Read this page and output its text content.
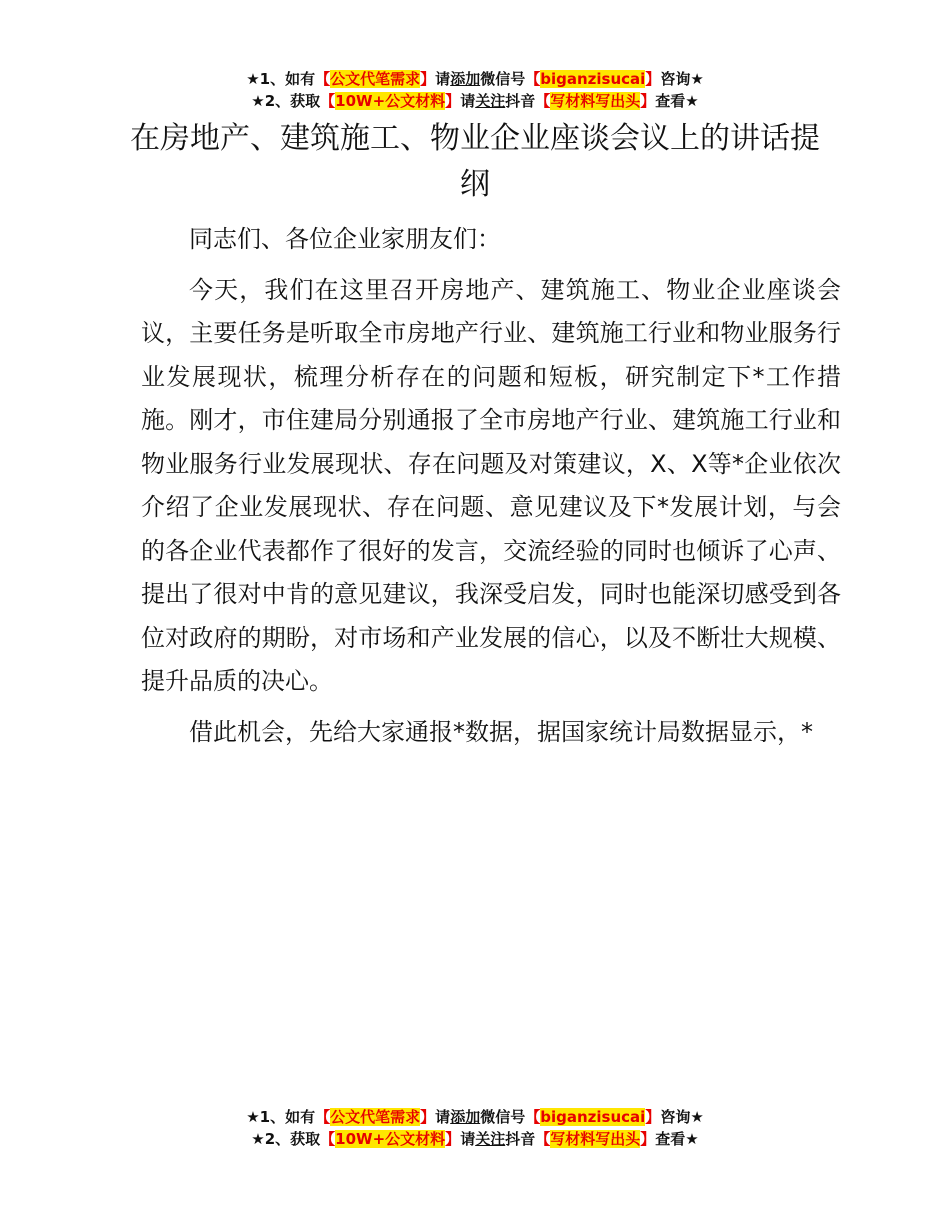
★1、如有【公文代笔需求】请添加微信号【biganzisucai】咨询★
★2、获取【10W+公文材料】请关注抖音【写材料写出头】查看★
在房地产、建筑施工、物业企业座谈会议上的讲话提纲

同志们、各位企业家朋友们：

今天，我们在这里召开房地产、建筑施工、物业企业座谈会议，主要任务是听取全市房地产行业、建筑施工行业和物业服务行业发展现状，梳理分析存在的问题和短板，研究制定下*工作措施。刚才，市住建局分别通报了全市房地产行业、建筑施工行业和物业服务行业发展现状、存在问题及对策建议，X、X等*企业依次介绍了企业发展现状、存在问题、意见建议及下*发展计划，与会的各企业代表都作了很好的发言，交流经验的同时也倾诉了心声、提出了很对中肯的意见建议，我深受启发，同时也能深切感受到各位对政府的期盼，对市场和产业发展的信心，以及不断壮大规模、提升品质的决心。

借此机会，先给大家通报*数据，据国家统计局数据显示，*

★1、如有【公文代笔需求】请添加微信号【biganzisucai】咨询★
★2、获取【10W+公文材料】请关注抖音【写材料写出头】查看★
